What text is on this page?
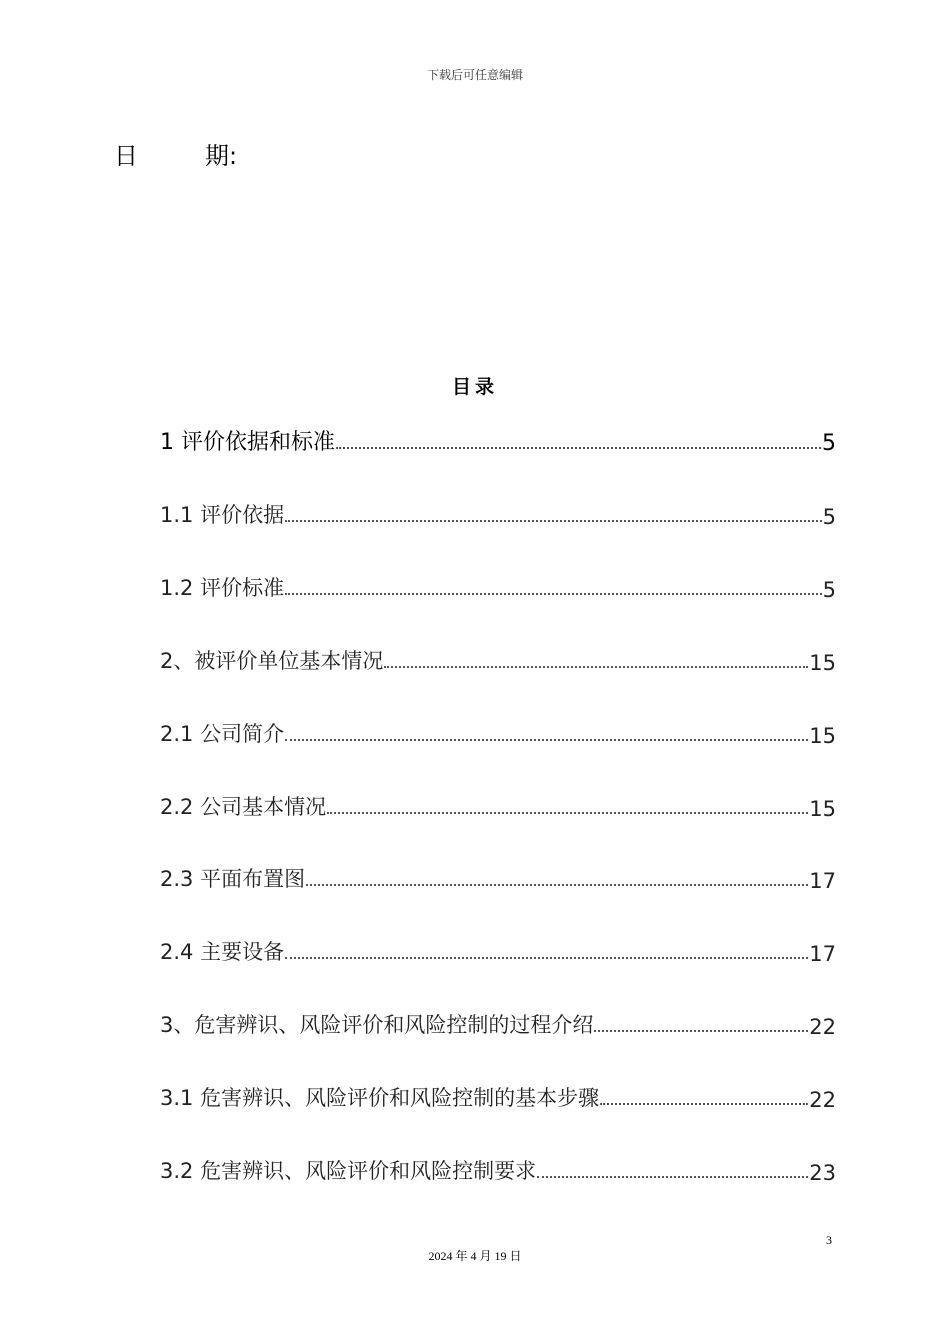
下载后可任意编辑
日	期:
目录
1 评价依据和标准	5
1.1 评价依据	5
1.2 评价标准	5
2、被评价单位基本情况	15
2.1 公司简介	15
2.2 公司基本情况	15
2.3 平面布置图	17
2.4 主要设备	17
3、危害辨识、风险评价和风险控制的过程介绍	22
3.1 危害辨识、风险评价和风险控制的基本步骤	22
3.2 危害辨识、风险评价和风险控制要求	23
3
2024 年 4 月 19 日
